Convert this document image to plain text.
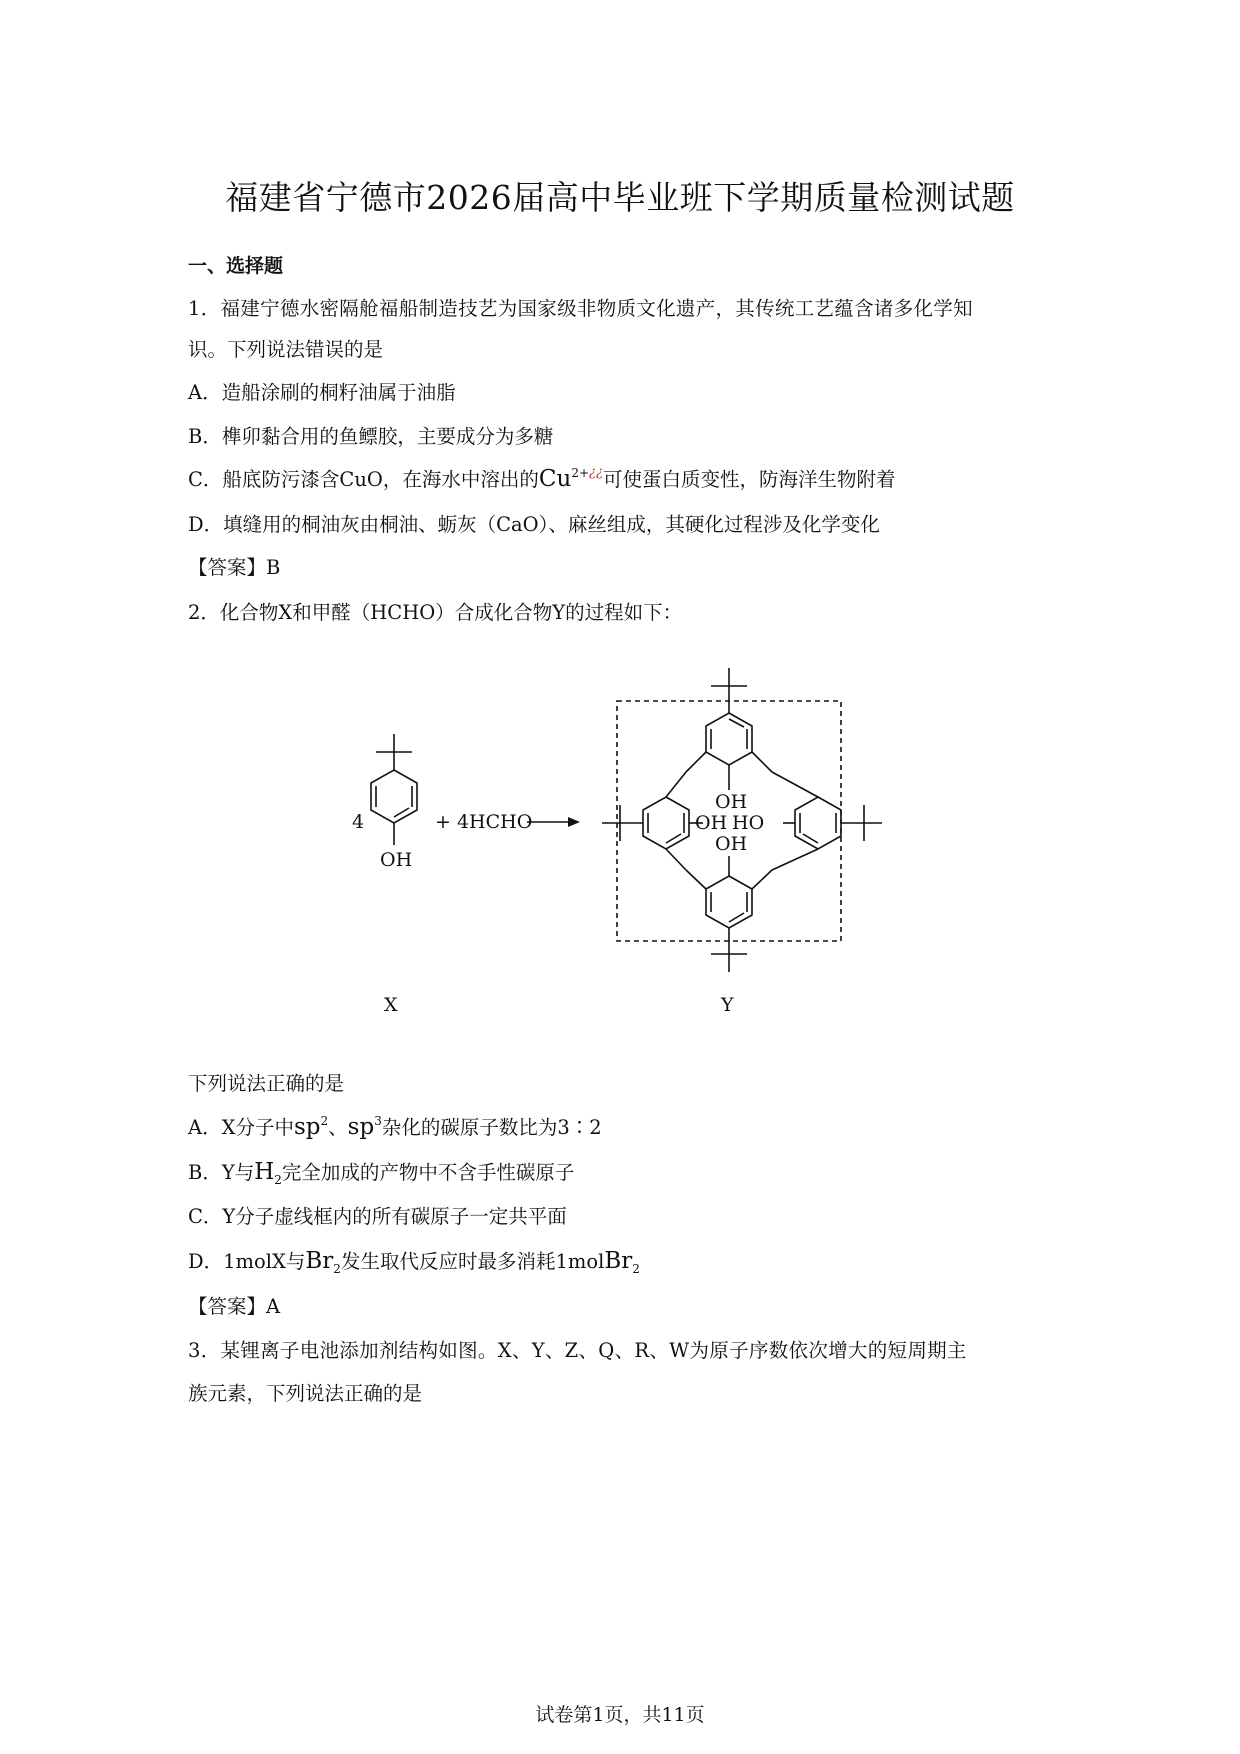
福建省宁德市2026届高中毕业班下学期质量检测试题
一、选择题

1．福建宁德水密隔舱福船制造技艺为国家级非物质文化遗产，其传统工艺蕴含诸多化学知

识。下列说法错误的是

A．造船涂刷的桐籽油属于油脂

B．榫卯黏合用的鱼鳔胶，主要成分为多糖

C．船底防污漆含CuO，在海水中溶出的$Cu^{2+¿¿}$可使蛋白质变性，防海洋生物附着

D．填缝用的桐油灰由桐油、蛎灰（CaO）、麻丝组成，其硬化过程涉及化学变化

【答案】B

2．化合物X和甲醛（HCHO）合成化合物Y的过程如下：

4	+ 4HCHO
OH
OH
OH HO
OH
X	Y

下列说法正确的是

A．X分子中$sp^2$、$sp^3$杂化的碳原子数比为3∶2

B．Y与$H_2$完全加成的产物中不含手性碳原子

C．Y分子虚线框内的所有碳原子一定共平面

D．1molX与$Br_2$发生取代反应时最多消耗1molBr$_2$

【答案】A

3．某锂离子电池添加剂结构如图。X、Y、Z、Q、R、W为原子序数依次增大的短周期主

族元素，下列说法正确的是

试卷第1页，共11页
